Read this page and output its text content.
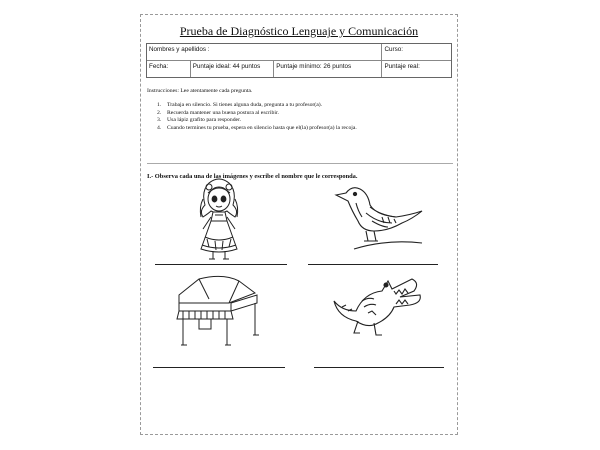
Prueba de Diagnóstico Lenguaje y Comunicación
Nombres y apellidos :	Curso:
Fecha:	Puntaje ideal: 44 puntos	Puntaje mínimo: 26 puntos	Puntaje real:
Instrucciones: Lee atentamente cada pregunta.
1. Trabaja en silencio. Si tienes alguna duda, pregunta a tu profesor(a).
2. Recuerda mantener una buena postura al escribir.
3. Usa lápiz grafito para responder.
4. Cuando termines tu prueba, espera en silencio hasta que el(la) profesor(a) la recoja.
I.- Observa cada una de las imágenes y escribe el nombre que le corresponda.
